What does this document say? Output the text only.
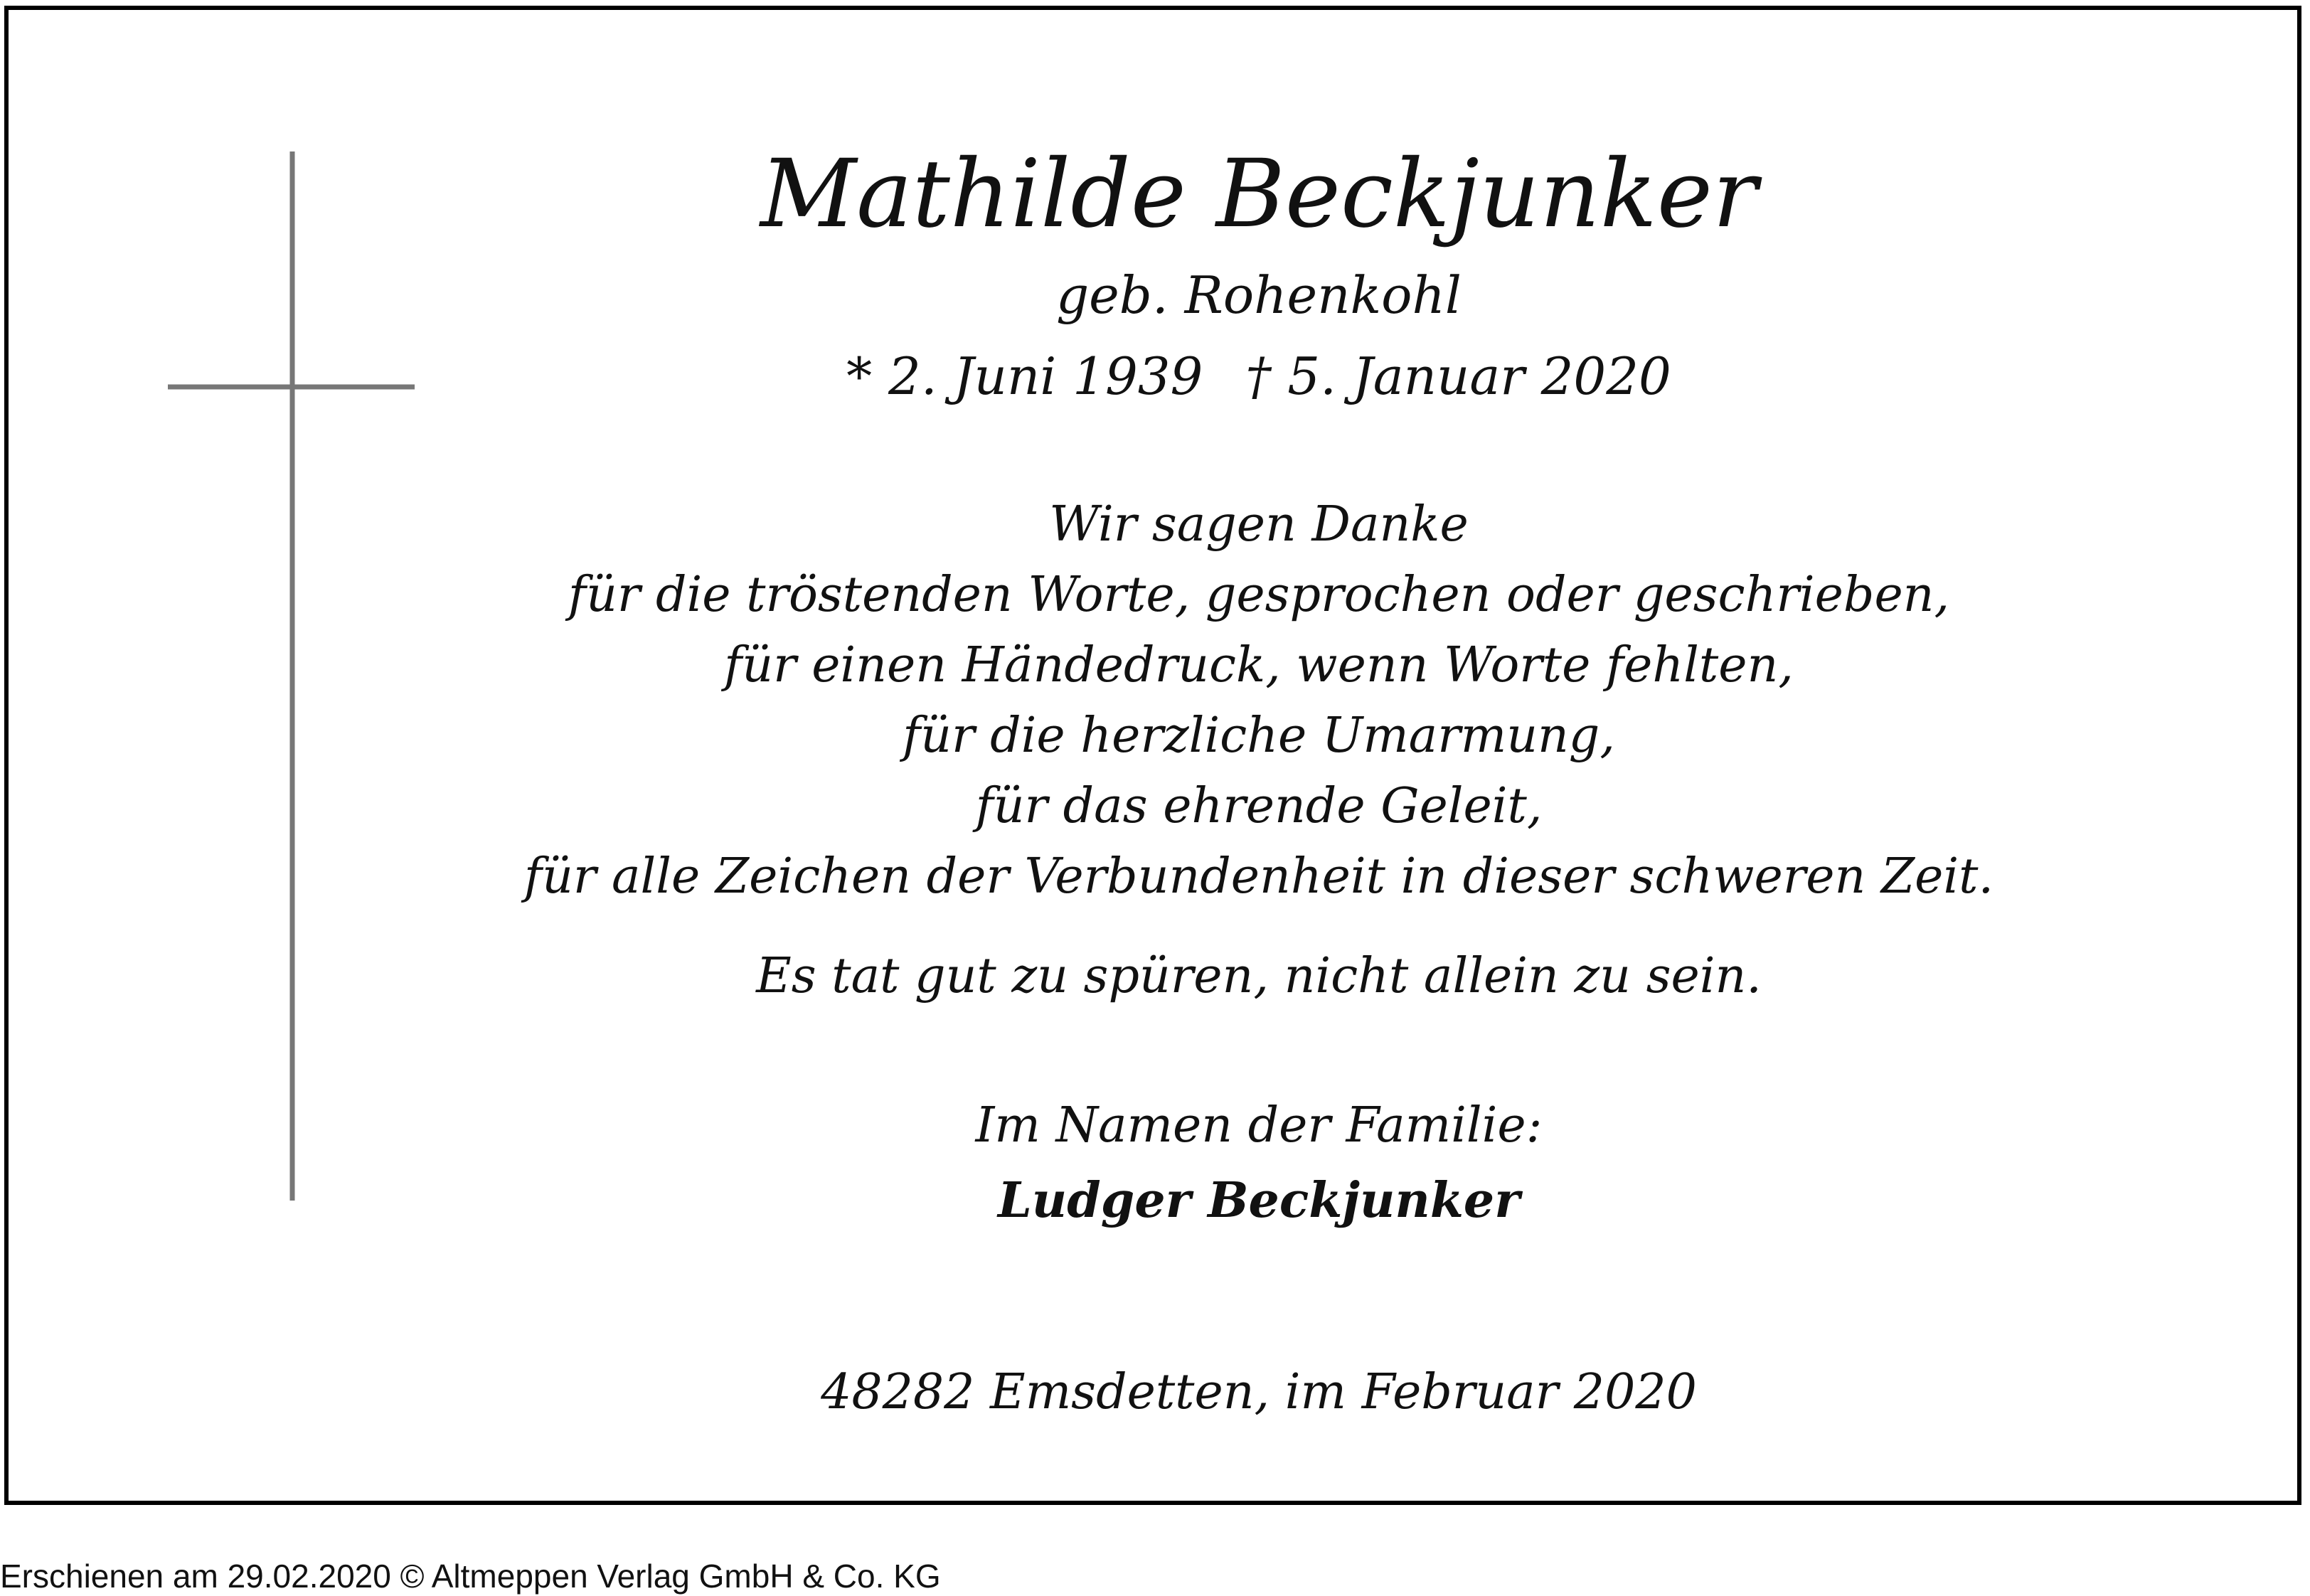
Mathilde Beckjunker
geb. Rohenkohl
* 2. Juni 1939 † 5. Januar 2020
Wir sagen Danke
für die tröstenden Worte, gesprochen oder geschrieben,
für einen Händedruck, wenn Worte fehlten,
für die herzliche Umarmung,
für das ehrende Geleit,
für alle Zeichen der Verbundenheit in dieser schweren Zeit.
Es tat gut zu spüren, nicht allein zu sein.
Im Namen der Familie:
Ludger Beckjunker
48282 Emsdetten, im Februar 2020
Erschienen am 29.02.2020 © Altmeppen Verlag GmbH & Co. KG
